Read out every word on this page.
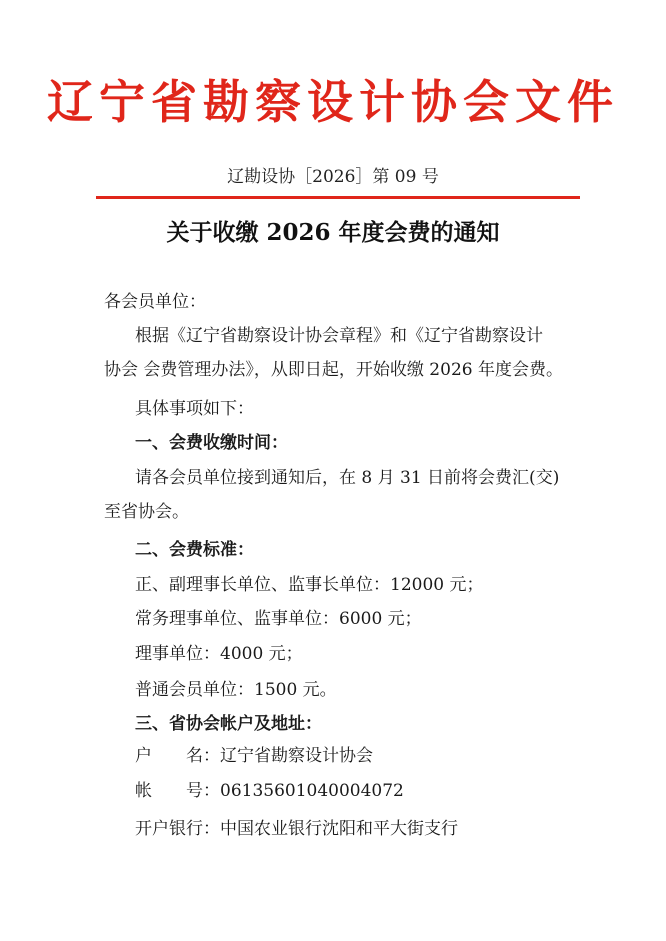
辽宁省勘察设计协会文件
辽勘设协［2026］第 09 号
关于收缴 2026 年度会费的通知
各会员单位：
根据《辽宁省勘察设计协会章程》和《辽宁省勘察设计
协会 会费管理办法》，从即日起，开始收缴 2026 年度会费。
具体事项如下：
一、会费收缴时间：
请各会员单位接到通知后，在 8 月 31 日前将会费汇(交)
至省协会。
二、会费标准：
正、副理事长单位、监事长单位：12000 元；
常务理事单位、监事单位：6000 元；
理事单位：4000 元；
普通会员单位：1500 元。
三、省协会帐户及地址：
户　　名：辽宁省勘察设计协会
帐　　号：06135601040004072
开户银行：中国农业银行沈阳和平大街支行
